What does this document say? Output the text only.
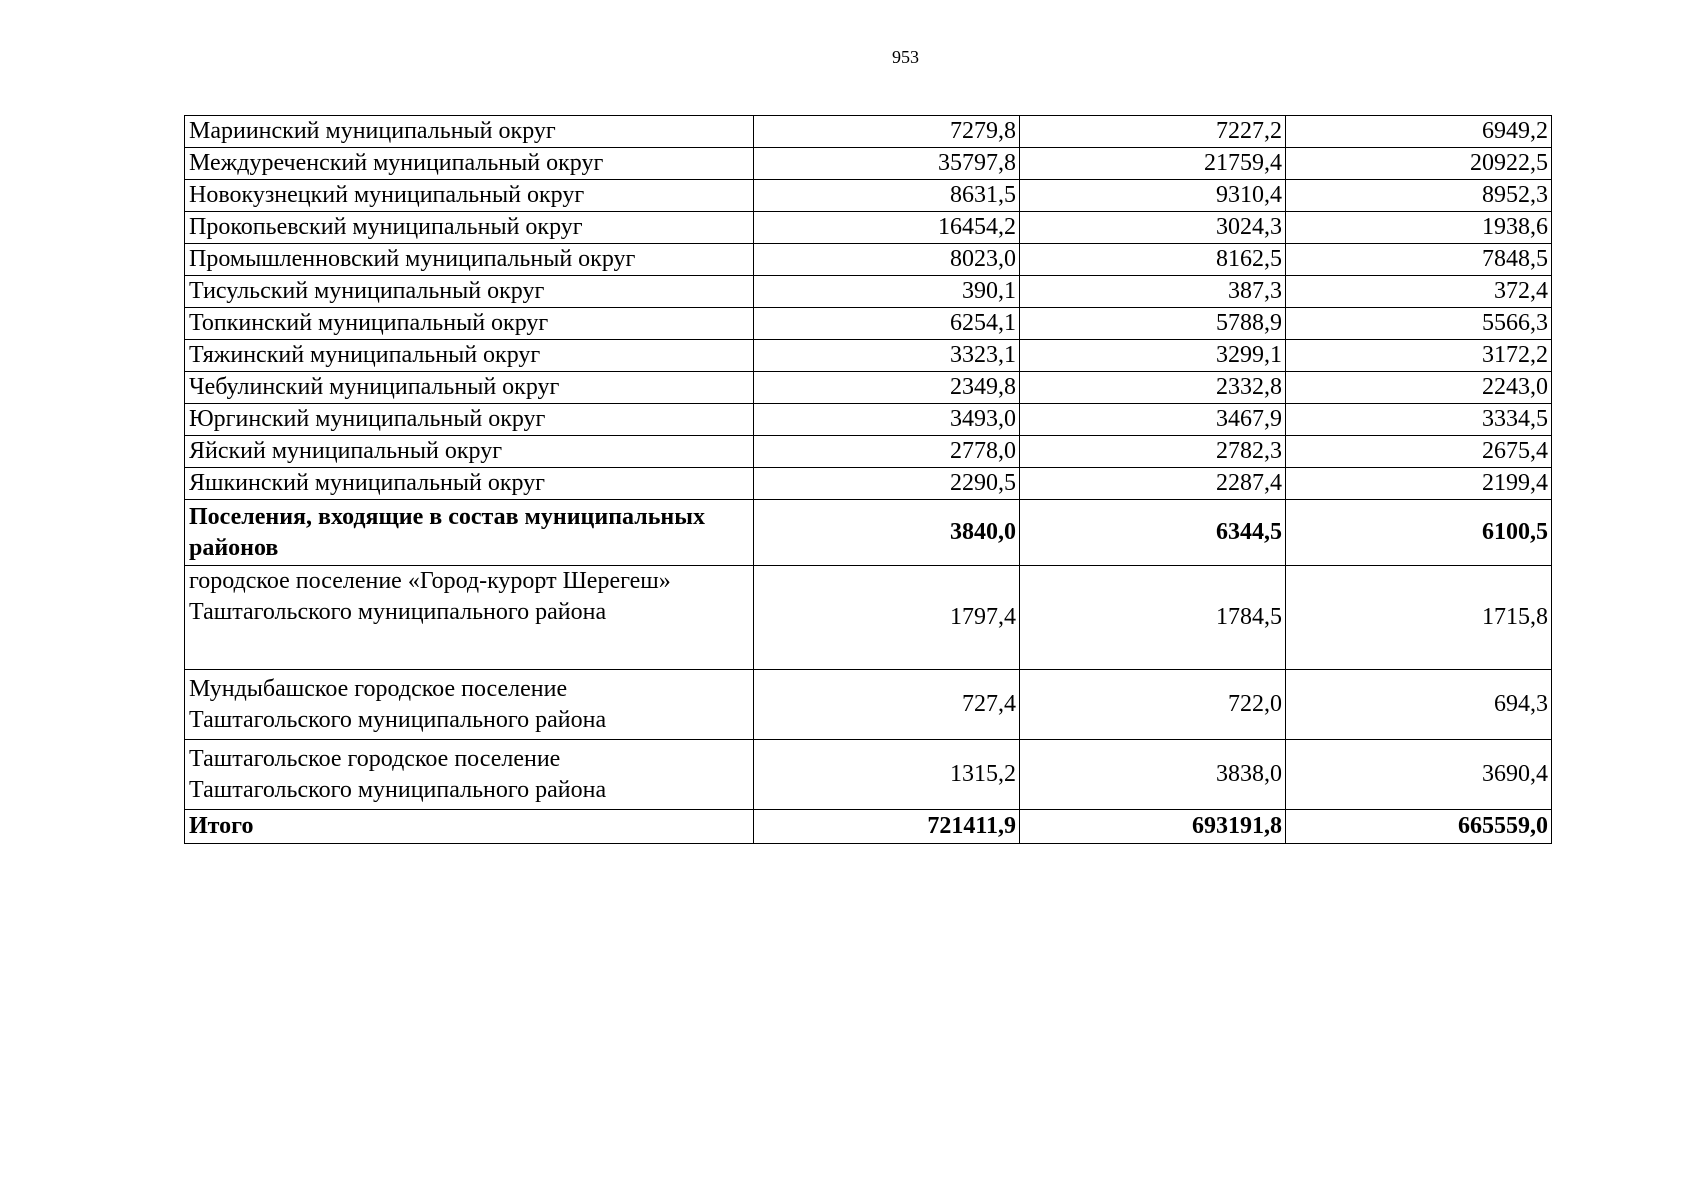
953
Мариинский муниципальный округ	7279,8	7227,2	6949,2
Междуреченский муниципальный округ	35797,8	21759,4	20922,5
Новокузнецкий муниципальный округ	8631,5	9310,4	8952,3
Прокопьевский муниципальный округ	16454,2	3024,3	1938,6
Промышленновский муниципальный округ	8023,0	8162,5	7848,5
Тисульский муниципальный округ	390,1	387,3	372,4
Топкинский муниципальный округ	6254,1	5788,9	5566,3
Тяжинский муниципальный округ	3323,1	3299,1	3172,2
Чебулинский муниципальный округ	2349,8	2332,8	2243,0
Юргинский муниципальный округ	3493,0	3467,9	3334,5
Яйский муниципальный округ	2778,0	2782,3	2675,4
Яшкинский муниципальный округ	2290,5	2287,4	2199,4

Поселения, входящие в состав муниципальных
районов	3840,0	6344,5	6100,5

городское поселение «Город-курорт Шерегеш»
Таштагольского муниципального района	1797,4	1784,5	1715,8

Мундыбашское городское поселение
Таштагольского муниципального района	727,4	722,0	694,3

Таштагольское городское поселение
Таштагольского муниципального района	1315,2	3838,0	3690,4
Итого	721411,9	693191,8	665559,0
